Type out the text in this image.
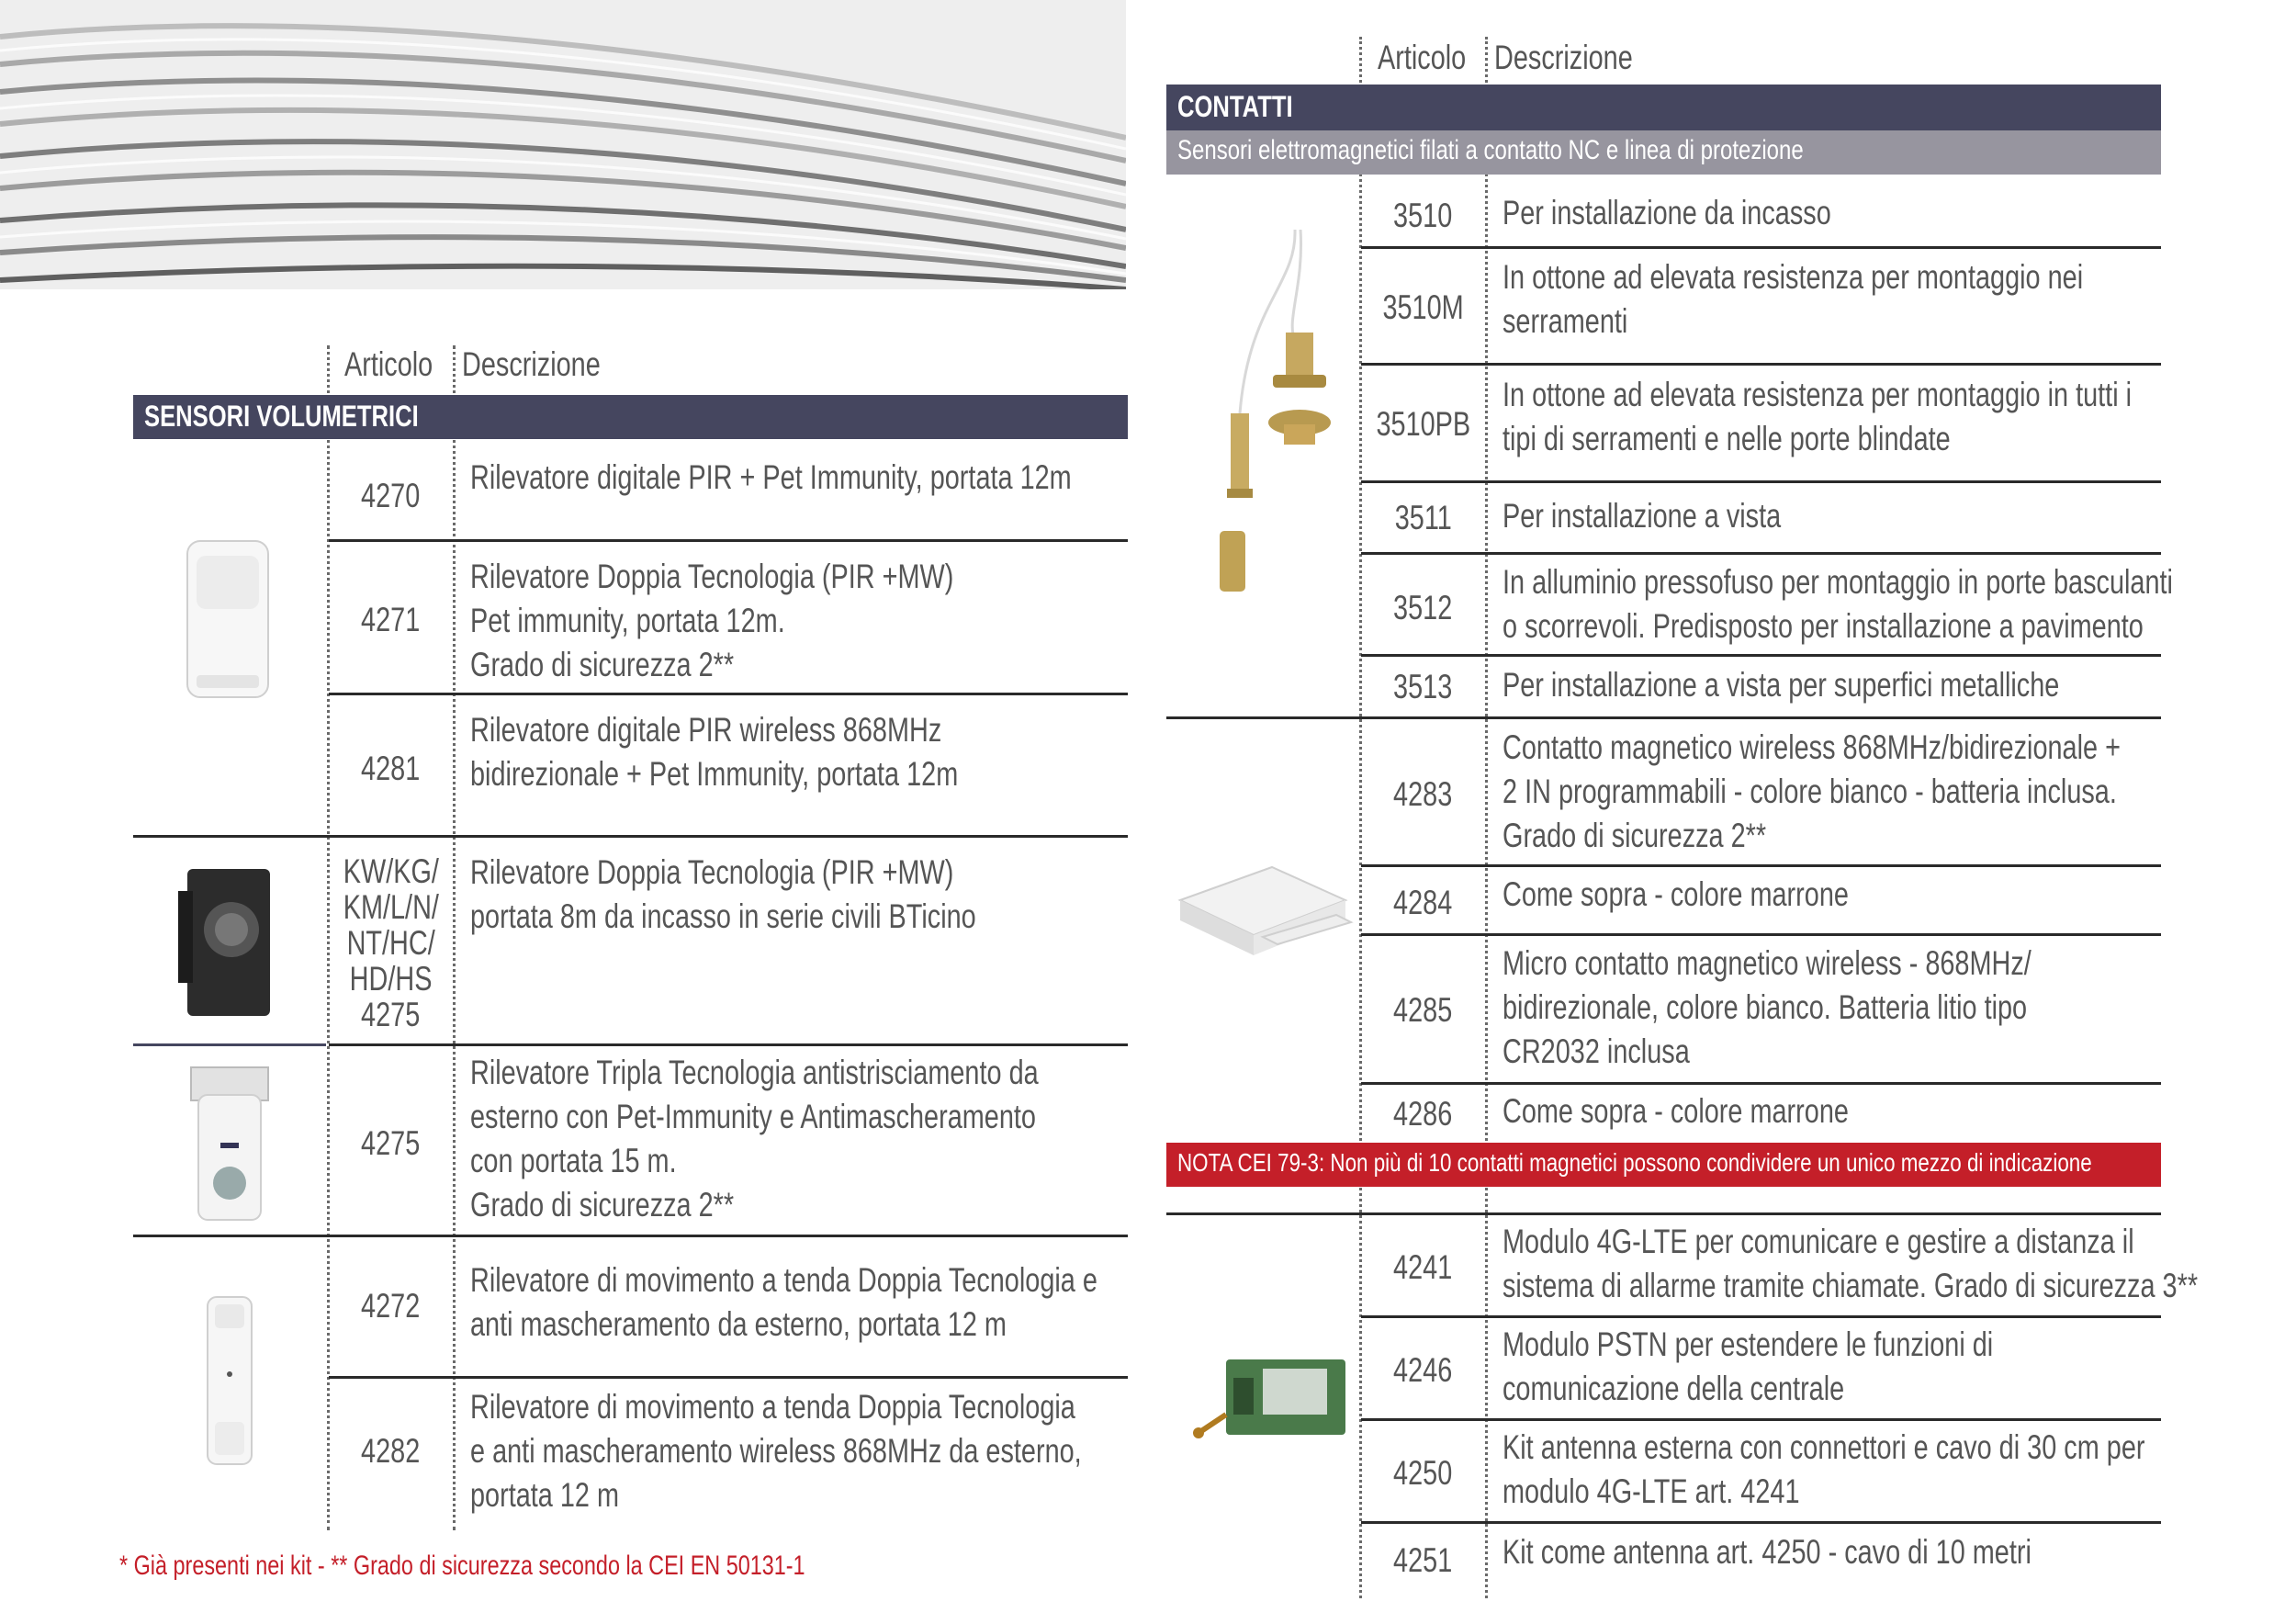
Articolo Descrizione
SENSORI VOLUMETRICI
4270 Rilevatore digitale PIR + Pet Immunity, portata 12m
4271
Rilevatore Doppia Tecnologia (PIR +MW)
Pet immunity, portata 12m.
Grado di sicurezza 2**
4281
Rilevatore digitale PIR wireless 868MHz
bidirezionale + Pet Immunity, portata 12m
KW/KG/
KM/L/N/
NT/HC/
HD/HS
4275
Rilevatore Doppia Tecnologia (PIR +MW)
portata 8m da incasso in serie civili BTicino
4275
Rilevatore Tripla Tecnologia antistrisciamento da
esterno con Pet-Immunity e Antimascheramento
con portata 15 m.
Grado di sicurezza 2**
4272
Rilevatore di movimento a tenda Doppia Tecnologia e
anti mascheramento da esterno, portata 12 m
4282
Rilevatore di movimento a tenda Doppia Tecnologia
e anti mascheramento wireless 868MHz da esterno,
portata 12 m
* Già presenti nei kit - ** Grado di sicurezza secondo la CEI EN 50131-1
Articolo Descrizione
CONTATTI
Sensori elettromagnetici filati a contatto NC e linea di protezione
3510 Per installazione da incasso
3510M
In ottone ad elevata resistenza per montaggio nei
serramenti
3510PB
In ottone ad elevata resistenza per montaggio in tutti i
tipi di serramenti e nelle porte blindate
3511 Per installazione a vista
3512
In alluminio pressofuso per montaggio in porte basculanti
o scorrevoli. Predisposto per installazione a pavimento
3513 Per installazione a vista per superfici metalliche
4283
Contatto magnetico wireless 868MHz/bidirezionale +
2 IN programmabili - colore bianco - batteria inclusa.
Grado di sicurezza 2**
4284 Come sopra - colore marrone
4285
Micro contatto magnetico wireless - 868MHz/
bidirezionale, colore bianco. Batteria litio tipo
CR2032 inclusa
4286 Come sopra - colore marrone
NOTA CEI 79-3: Non più di 10 contatti magnetici possono condividere un unico mezzo di indicazione
4241
Modulo 4G-LTE per comunicare e gestire a distanza il
sistema di allarme tramite chiamate. Grado di sicurezza 3**
4246
Modulo PSTN per estendere le funzioni di
comunicazione della centrale
4250
Kit antenna esterna con connettori e cavo di 30 cm per
modulo 4G-LTE art. 4241
4251 Kit come antenna art. 4250 - cavo di 10 metri
